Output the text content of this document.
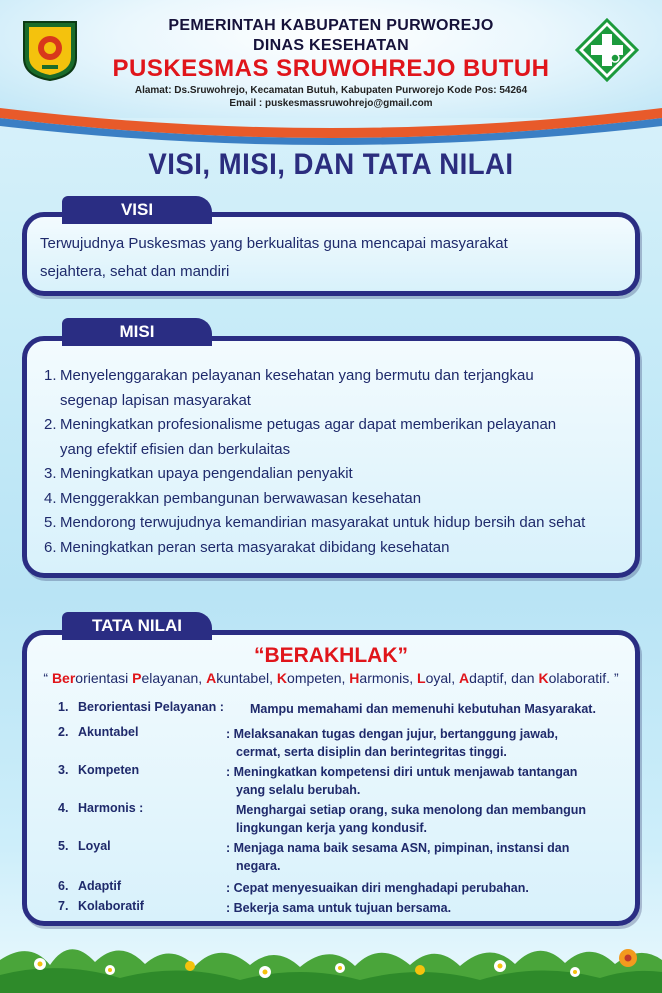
PEMERINTAH KABUPATEN PURWOREJO
DINAS KESEHATAN
PUSKESMAS SRUWOHREJO BUTUH
Alamat: Ds.Sruwohrejo, Kecamatan Butuh, Kabupaten Purworejo Kode Pos: 54264
Email : puskesmassruwohrejo@gmail.com
VISI, MISI, DAN TATA NILAI
VISI
Terwujudnya Puskesmas yang berkualitas guna mencapai masyarakat
sejahtera, sehat dan mandiri
MISI
1. Menyelenggarakan pelayanan kesehatan yang bermutu dan terjangkau
segenap lapisan masyarakat
2. Meningkatkan profesionalisme petugas agar dapat memberikan pelayanan
yang efektif efisien dan berkulaitas
3. Meningkatkan upaya pengendalian penyakit
4. Menggerakkan pembangunan berwawasan kesehatan
5. Mendorong terwujudnya kemandirian masyarakat untuk hidup bersih dan sehat
6. Meningkatkan peran serta masyarakat dibidang kesehatan
TATA NILAI
“BERAKHLAK”
“ Berorientasi Pelayanan, Akuntabel, Kompeten, Harmonis, Loyal, Adaptif, dan Kolaboratif. ”
1. Berorientasi Pelayanan :	Mampu memahami dan memenuhi kebutuhan Masyarakat.
2. Akuntabel	: Melaksanakan tugas dengan jujur, bertanggung jawab,
cermat, serta disiplin dan berintegritas tinggi.
3. Kompeten	: Meningkatkan kompetensi diri untuk menjawab tantangan
yang selalu berubah.
4. Harmonis :	Menghargai setiap orang, suka menolong dan membangun
lingkungan kerja yang kondusif.
5. Loyal	: Menjaga nama baik sesama ASN, pimpinan, instansi dan
negara.
6. Adaptif	: Cepat menyesuaikan diri menghadapi perubahan.
7. Kolaboratif	: Bekerja sama untuk tujuan bersama.
